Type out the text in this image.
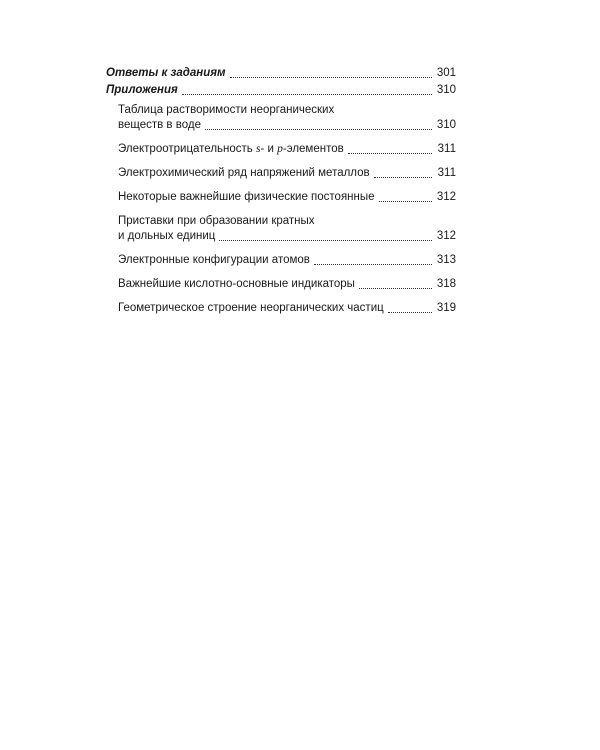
Ответы к заданиям	301
Приложения	310
Таблица растворимости неорганических
веществ в воде	310
Электроотрицательность s- и p-элементов	311
Электрохимический ряд напряжений металлов	311
Некоторые важнейшие физические постоянные	312
Приставки при образовании кратных
и дольных единиц	312
Электронные конфигурации атомов	313
Важнейшие кислотно-основные индикаторы	318
Геометрическое строение неорганических частиц	319
